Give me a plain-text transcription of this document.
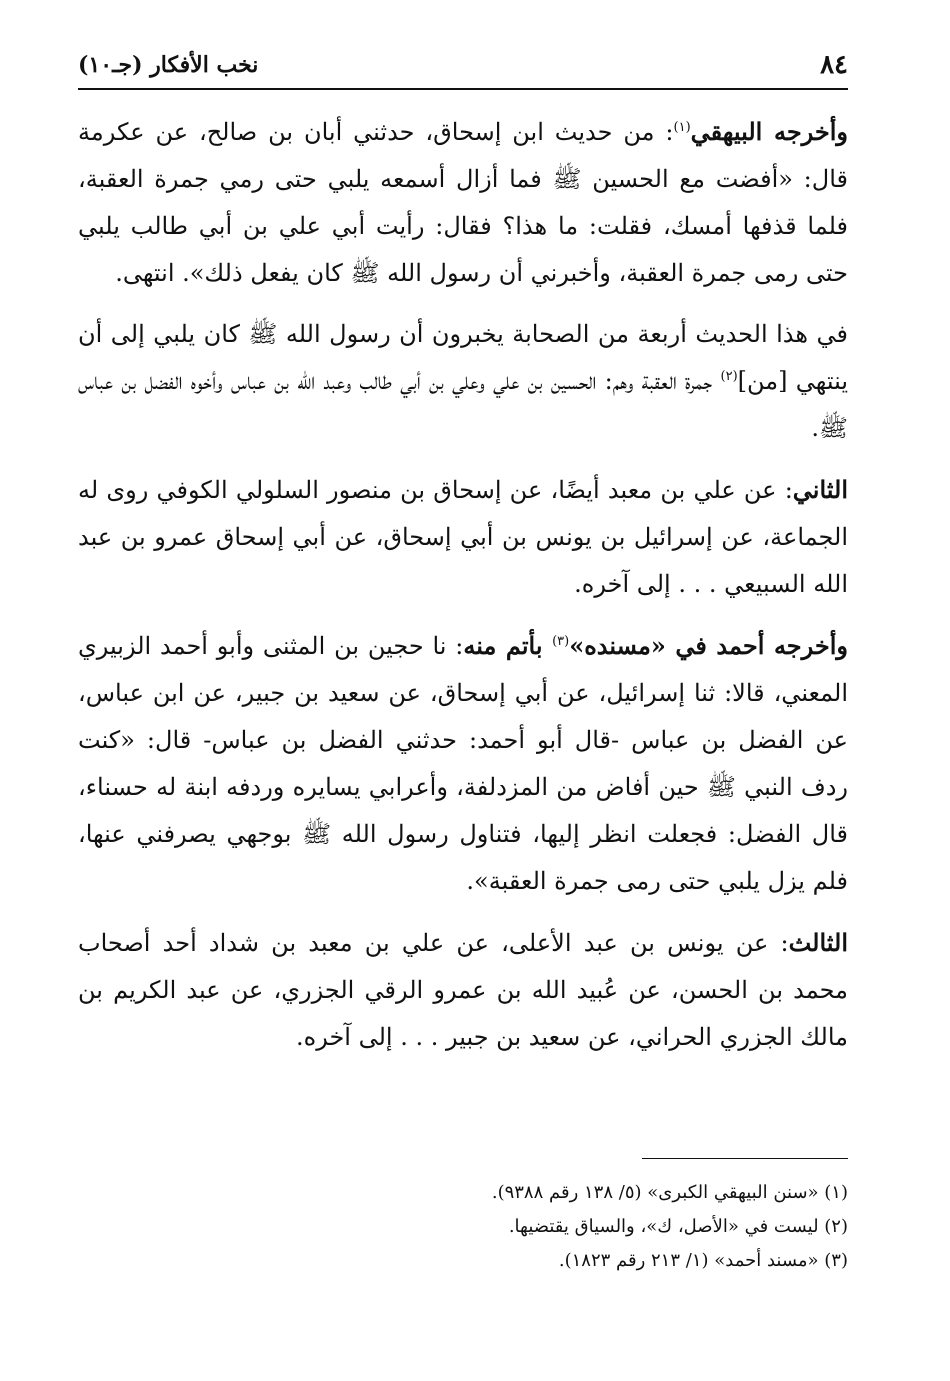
٨٤
نخب الأفكار (جـ١٠)

وأخرجه البيهقي$^{(١)}$: من حديث ابن إسحاق، حدثني أبان بن صالح، عن عكرمة قال: «أفضت مع الحسين ﷺ فما أزال أسمعه يلبي حتى رمي جمرة العقبة، فلما قذفها أمسك، فقلت: ما هذا؟ فقال: رأيت أبي علي بن أبي طالب يلبي حتى رمى جمرة العقبة، وأخبرني أن رسول الله ﷺ كان يفعل ذلك». انتهى.

في هذا الحديث أربعة من الصحابة يخبرون أن رسول الله ﷺ كان يلبي إلى أن ينتهي [من]$^{(٢)}$ جمرة العقبة وهم: الحسين بن علي وعلي بن أبي طالب وعبد الله بن عباس وأخوه الفضل بن عباس ﷺ.

الثاني: عن علي بن معبد أيضًا، عن إسحاق بن منصور السلولي الكوفي روى له الجماعة، عن إسرائيل بن يونس بن أبي إسحاق، عن أبي إسحاق عمرو بن عبد الله السبيعي . . . إلى آخره.

وأخرجه أحمد في «مسنده»$^{(٣)}$ بأتم منه: نا حجين بن المثنى وأبو أحمد الزبيري المعني، قالا: ثنا إسرائيل، عن أبي إسحاق، عن سعيد بن جبير، عن ابن عباس، عن الفضل بن عباس -قال أبو أحمد: حدثني الفضل بن عباس- قال: «كنت ردف النبي ﷺ حين أفاض من المزدلفة، وأعرابي يسايره وردفه ابنة له حسناء، قال الفضل: فجعلت انظر إليها، فتناول رسول الله ﷺ بوجهي يصرفني عنها، فلم يزل يلبي حتى رمى جمرة العقبة».

الثالث: عن يونس بن عبد الأعلى، عن علي بن معبد بن شداد أحد أصحاب محمد بن الحسن، عن عُبيد الله بن عمرو الرقي الجزري، عن عبد الكريم بن مالك الجزري الحراني، عن سعيد بن جبير . . . إلى آخره.

(١) «سنن البيهقي الكبرى» (٥/ ١٣٨ رقم ٩٣٨٨).

(٢) ليست في «الأصل، ك»، والسياق يقتضيها.

(٣) «مسند أحمد» (١/ ٢١٣ رقم ١٨٢٣).
